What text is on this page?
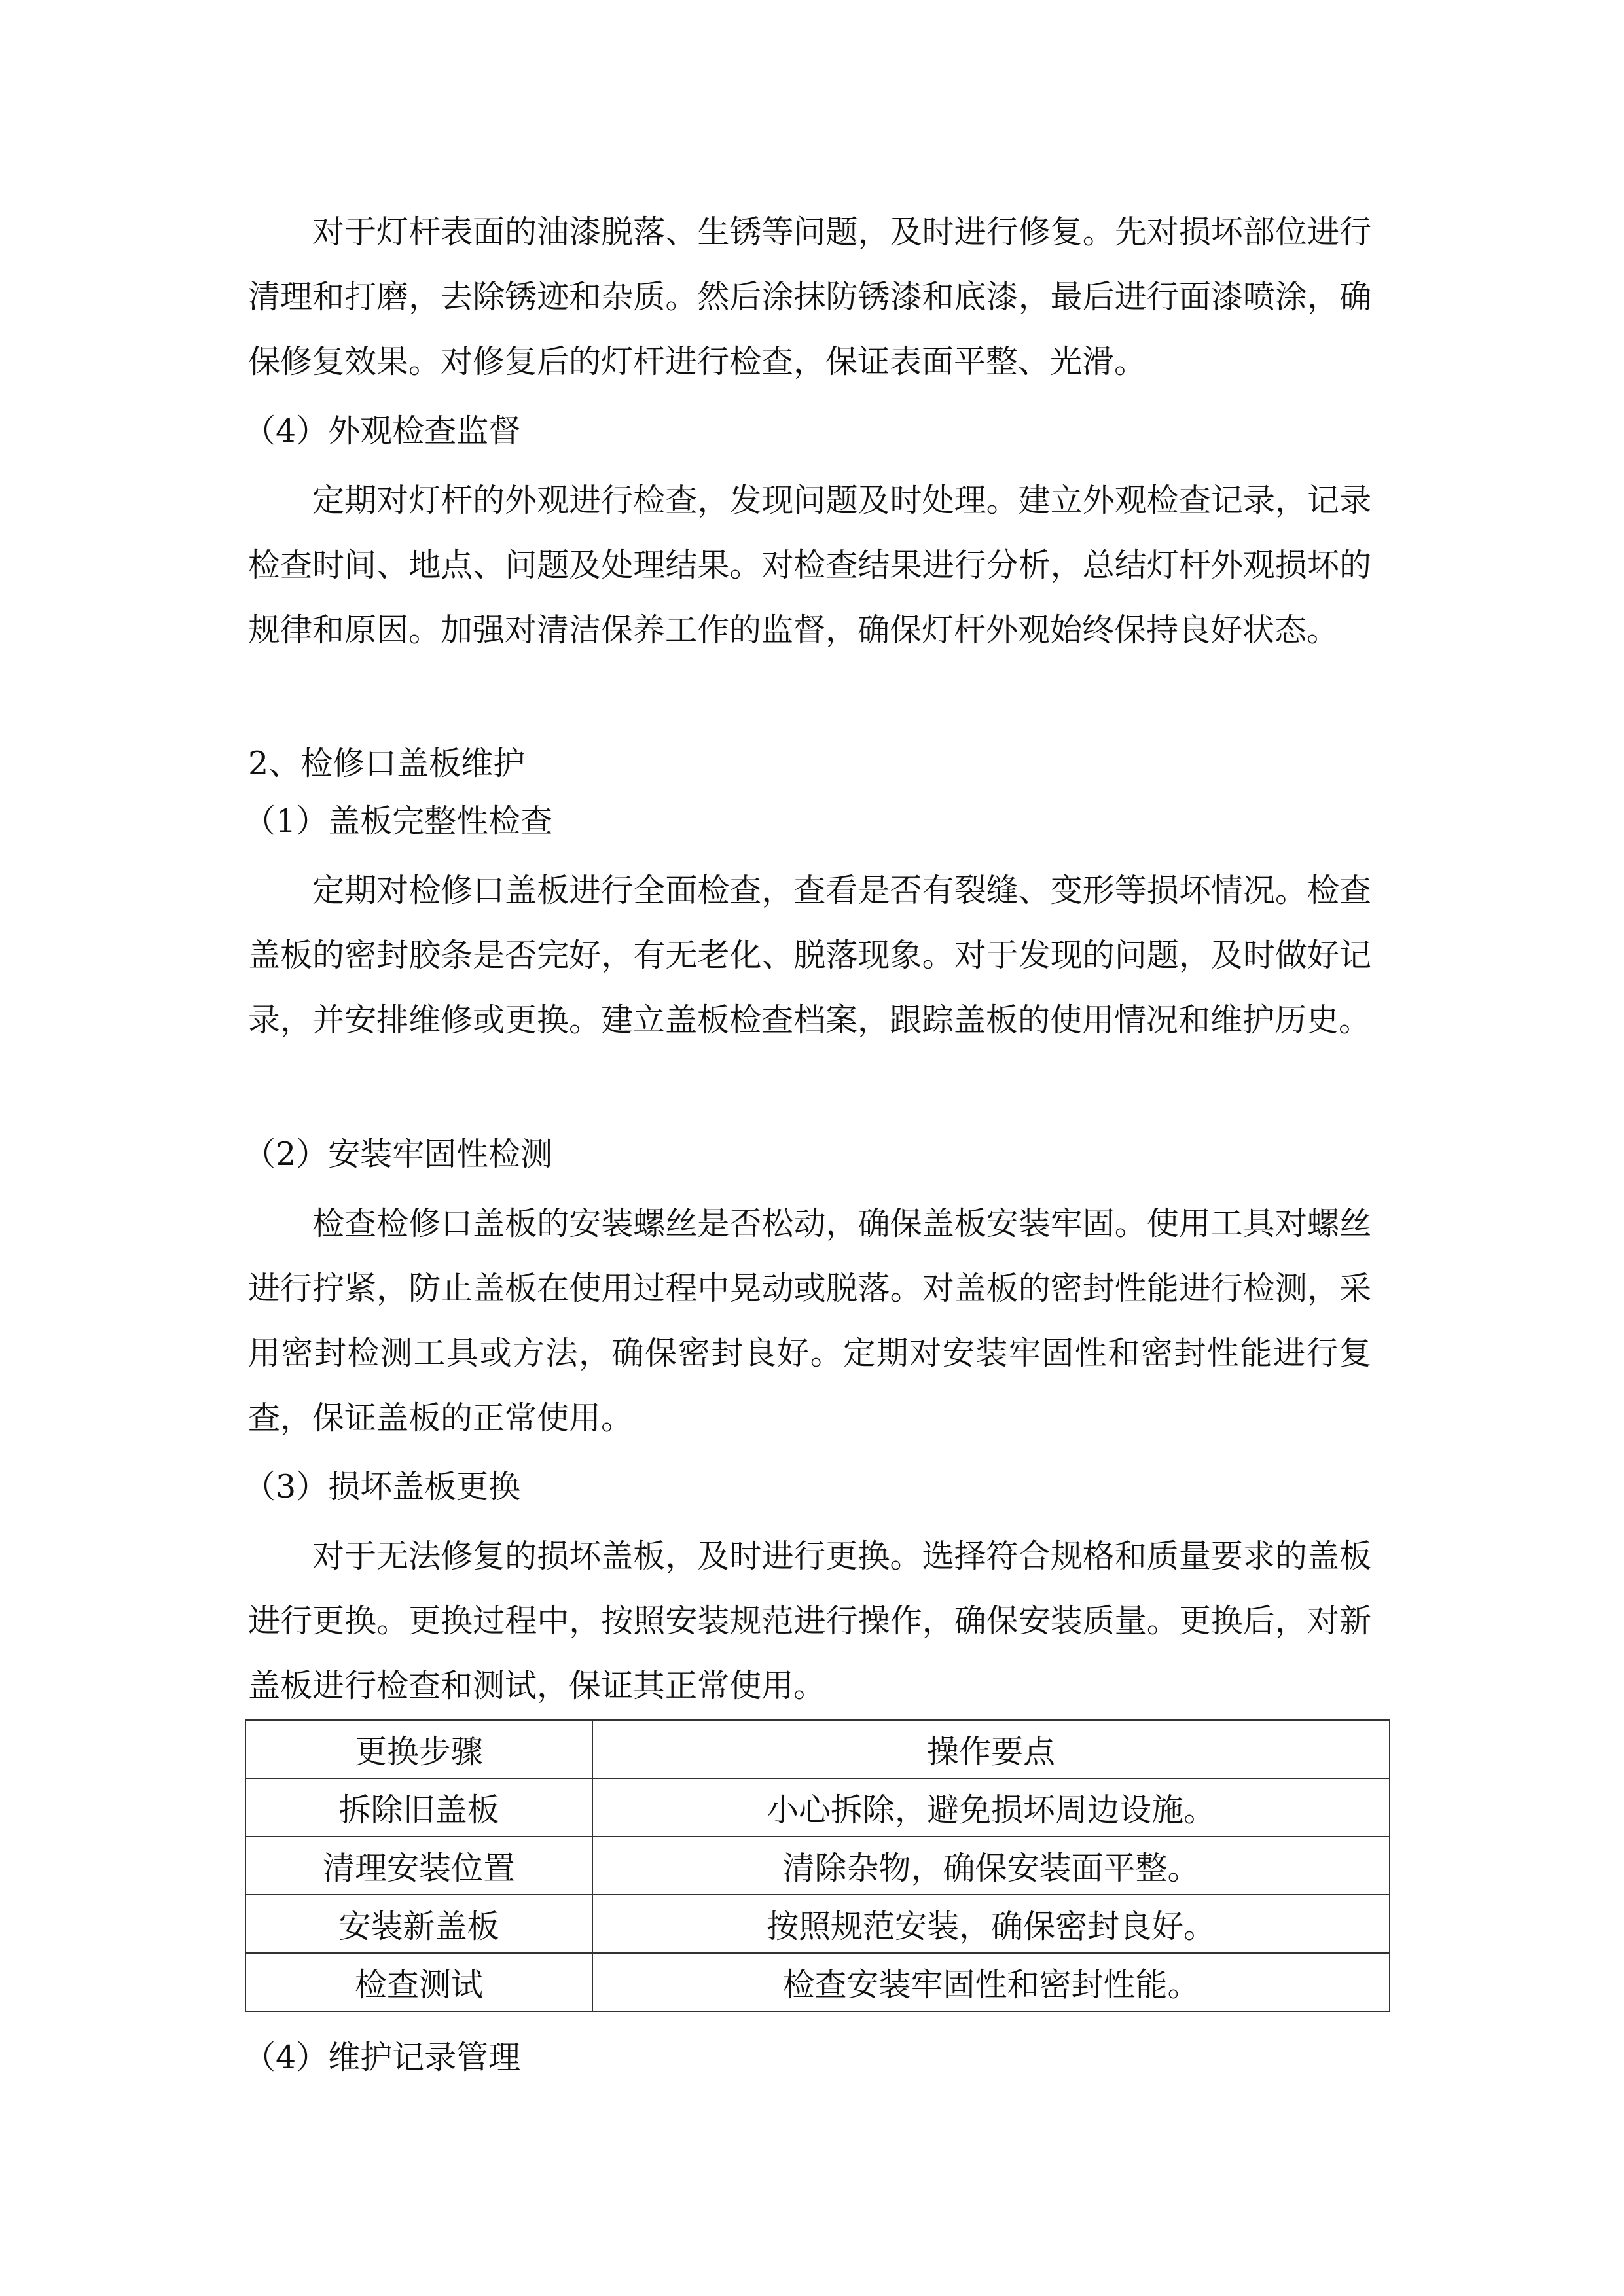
对于灯杆表面的油漆脱落、生锈等问题，及时进行修复。先对损坏部位进行清理和打磨，去除锈迹和杂质。然后涂抹防锈漆和底漆，最后进行面漆喷涂，确保修复效果。对修复后的灯杆进行检查，保证表面平整、光滑。
（4）外观检查监督
定期对灯杆的外观进行检查，发现问题及时处理。建立外观检查记录，记录检查时间、地点、问题及处理结果。对检查结果进行分析，总结灯杆外观损坏的规律和原因。加强对清洁保养工作的监督，确保灯杆外观始终保持良好状态。
2、检修口盖板维护
（1）盖板完整性检查
定期对检修口盖板进行全面检查，查看是否有裂缝、变形等损坏情况。检查盖板的密封胶条是否完好，有无老化、脱落现象。对于发现的问题，及时做好记录，并安排维修或更换。建立盖板检查档案，跟踪盖板的使用情况和维护历史。
（2）安装牢固性检测
检查检修口盖板的安装螺丝是否松动，确保盖板安装牢固。使用工具对螺丝进行拧紧，防止盖板在使用过程中晃动或脱落。对盖板的密封性能进行检测，采用密封检测工具或方法，确保密封良好。定期对安装牢固性和密封性能进行复查，保证盖板的正常使用。
（3）损坏盖板更换
对于无法修复的损坏盖板，及时进行更换。选择符合规格和质量要求的盖板进行更换。更换过程中，按照安装规范进行操作，确保安装质量。更换后，对新盖板进行检查和测试，保证其正常使用。
更换步骤	操作要点
拆除旧盖板	小心拆除，避免损坏周边设施。
清理安装位置	清除杂物，确保安装面平整。
安装新盖板	按照规范安装，确保密封良好。
检查测试	检查安装牢固性和密封性能。
（4）维护记录管理
